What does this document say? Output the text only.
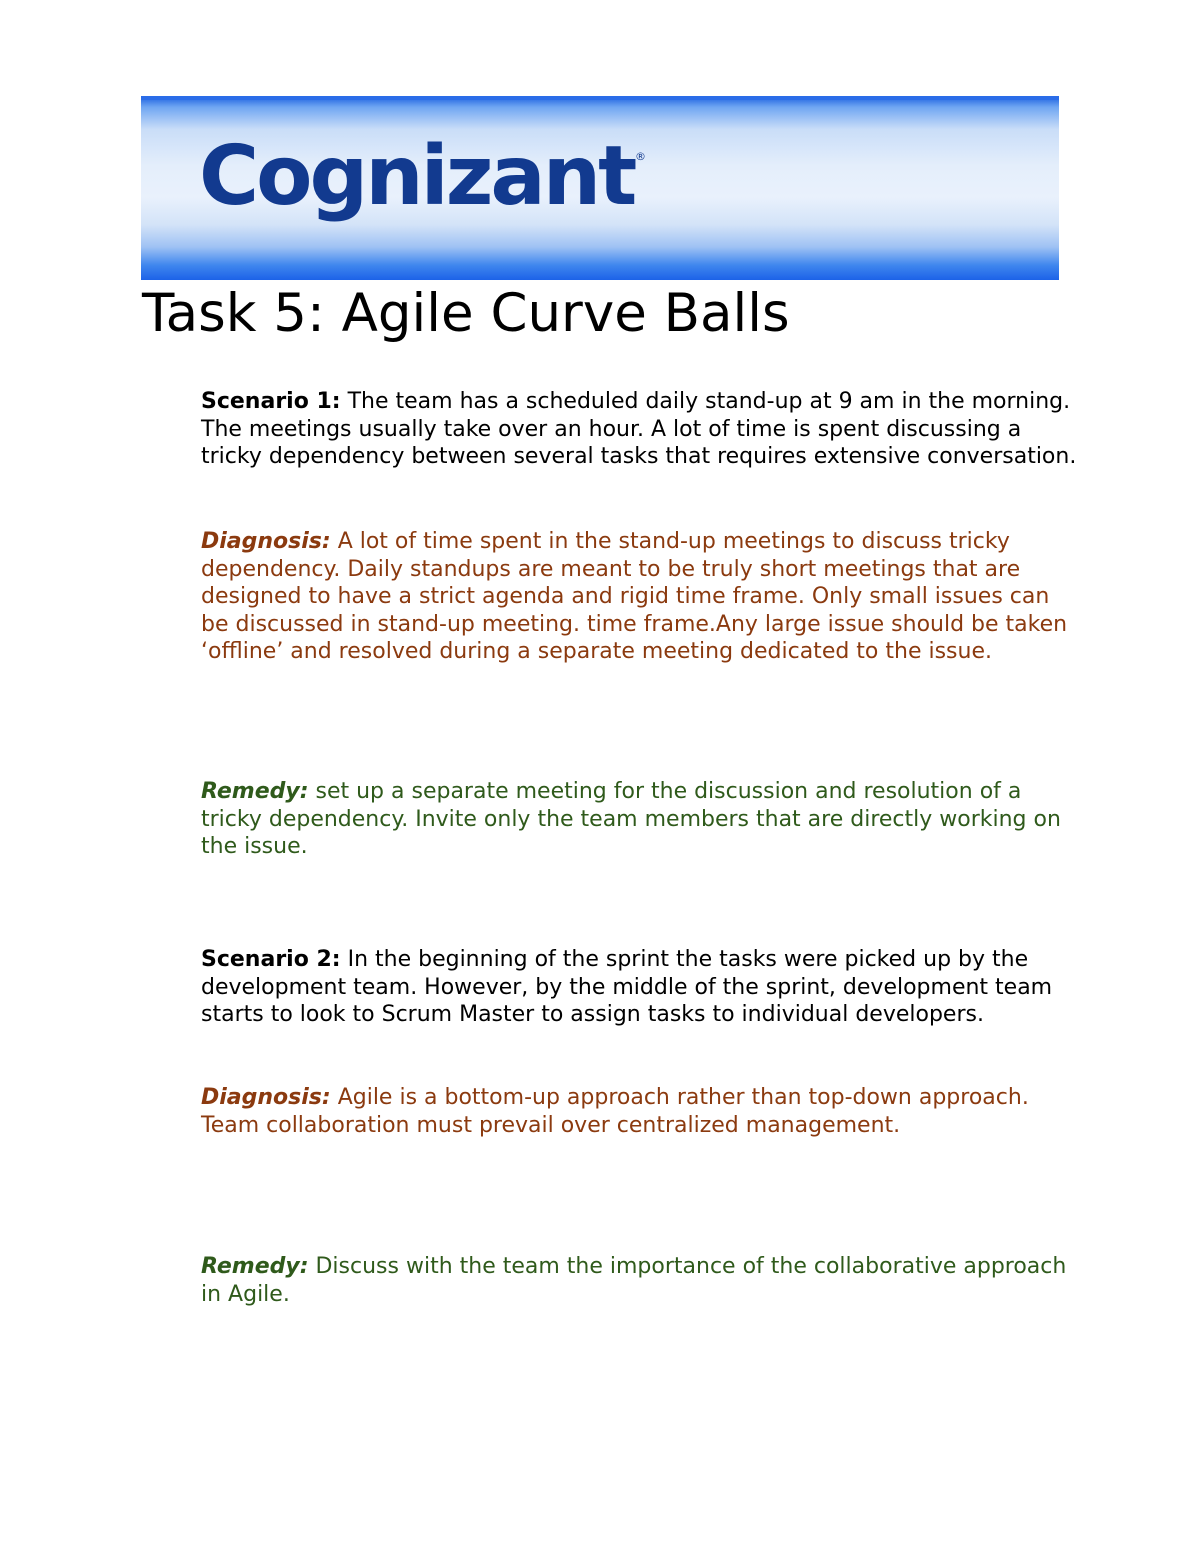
Cognizant ®
Task 5: Agile Curve Balls

Scenario 1: The team has a scheduled daily stand-up at 9 am in the morning. The meetings usually take over an hour. A lot of time is spent discussing a tricky dependency between several tasks that requires extensive conversation.

Diagnosis: A lot of time spent in the stand-up meetings to discuss tricky dependency. Daily standups are meant to be truly short meetings that are designed to have a strict agenda and rigid time frame. Only small issues can be discussed in stand-up meeting. time frame.Any large issue should be taken ‘offline’ and resolved during a separate meeting dedicated to the issue.

Remedy: set up a separate meeting for the discussion and resolution of a tricky dependency. Invite only the team members that are directly working on the issue.

Scenario 2: In the beginning of the sprint the tasks were picked up by the development team. However, by the middle of the sprint, development team starts to look to Scrum Master to assign tasks to individual developers.

Diagnosis: Agile is a bottom-up approach rather than top-down approach. Team collaboration must prevail over centralized management.

Remedy: Discuss with the team the importance of the collaborative approach in Agile.
